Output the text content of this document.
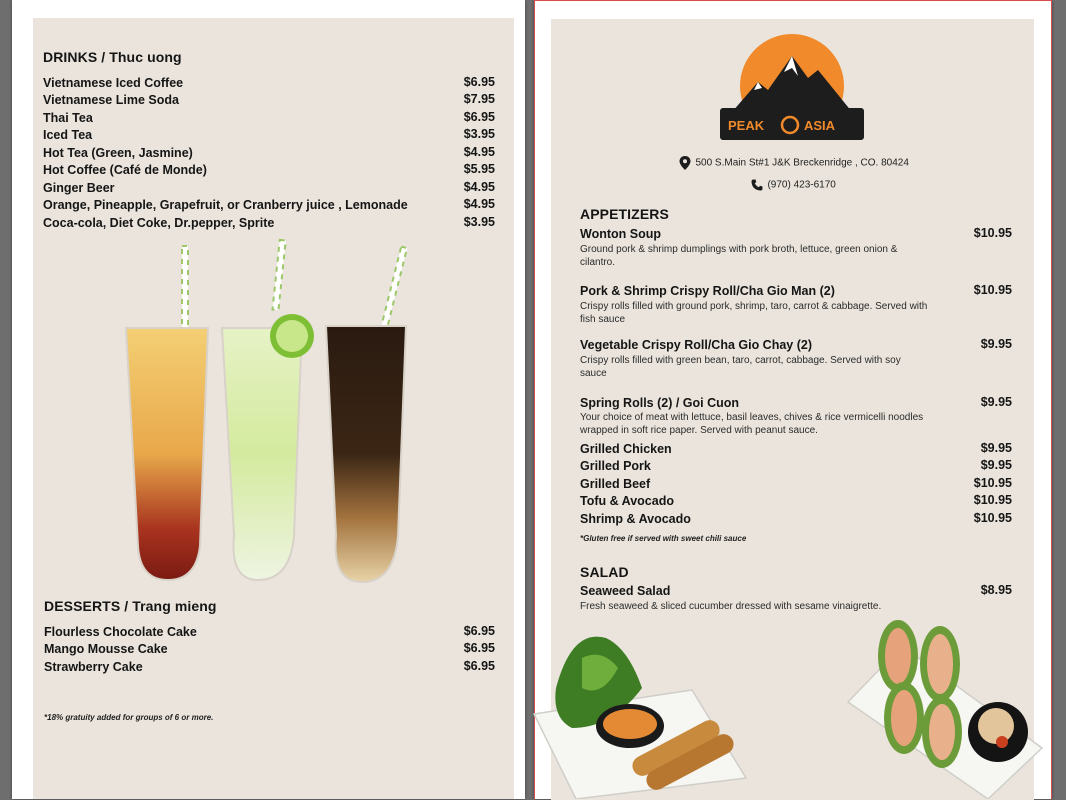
DRINKS / Thuc uong
Vietnamese Iced Coffee	$6.95
Vietnamese Lime Soda	$7.95
Thai Tea	$6.95
Iced Tea	$3.95
Hot Tea (Green, Jasmine)	$4.95
Hot Coffee (Café de Monde)	$5.95
Ginger Beer	$4.95
Orange, Pineapple, Grapefruit, or Cranberry juice , Lemonade	$4.95
Coca-cola, Diet Coke, Dr.pepper, Sprite	$3.95
DESSERTS / Trang mieng
Flourless Chocolate Cake	$6.95
Mango Mousse Cake	$6.95
Strawberry Cake	$6.95
*18% gratuity added for groups of 6 or more.
PEAK	ASIA
500 S.Main St#1 J&K Breckenridge , CO. 80424
(970) 423-6170
APPETIZERS
Wonton Soup	$10.95
Ground pork & shrimp dumplings with pork broth, lettuce, green onion & cilantro.
Pork & Shrimp Crispy Roll/Cha Gio Man (2)	$10.95
Crispy rolls filled with ground pork, shrimp, taro, carrot & cabbage. Served with fish sauce
Vegetable Crispy Roll/Cha Gio Chay (2)	$9.95
Crispy rolls filled with green bean, taro, carrot, cabbage. Served with soy sauce
Spring Rolls (2) / Goi Cuon	$9.95
Your choice of meat with lettuce, basil leaves, chives & rice vermicelli noodles wrapped in soft rice paper. Served with peanut sauce.
Grilled Chicken	$9.95
Grilled Pork	$9.95
Grilled Beef	$10.95
Tofu & Avocado	$10.95
Shrimp & Avocado	$10.95
*Gluten free if served with sweet chili sauce
SALAD
Seaweed Salad	$8.95
Fresh seaweed & sliced cucumber dressed with sesame vinaigrette.
